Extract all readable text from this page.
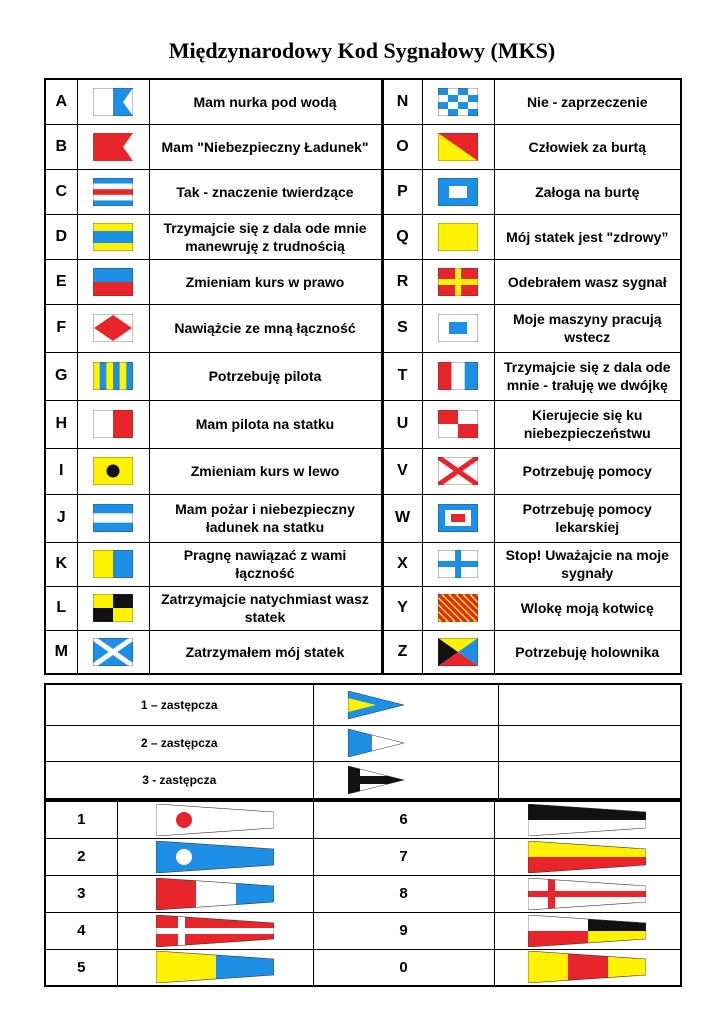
Międzynarodowy Kod Sygnałowy (MKS)
A		Mam nurka pod wodą	N		Nie - zaprzeczenie
B		Mam "Niebezpieczny Ładunek"	O		Człowiek za burtą
C		Tak - znaczenie twierdzące	P		Załoga na burtę
D		Trzymajcie się z dala ode mnie manewruję z trudnością	Q		Mój statek jest "zdrowy”
E		Zmieniam kurs w prawo	R		Odebrałem wasz sygnał
F		Nawiążcie ze mną łączność	S		Moje maszyny pracują wstecz
G		Potrzebuję pilota	T		Trzymajcie się z dala ode mnie - trałuję we dwójkę
H		Mam pilota na statku	U		Kierujecie się ku niebezpieczeństwu
I		Zmieniam kurs w lewo	V		Potrzebuję pomocy
J		Mam pożar i niebezpieczny ładunek na statku	W		Potrzebuję pomocy lekarskiej
K		Pragnę nawiązać z wami łączność	X		Stop! Uważajcie na moje sygnały
L		Zatrzymajcie natychmiast wasz statek	Y		Wlokę moją kotwicę
M		Zatrzymałem mój statek	Z		Potrzebuję holownika
1 – zastępcza	

2 – zastępcza	

3 - zastępcza	

1		6	

2		7	

3		8	

4		9	

5		0	
